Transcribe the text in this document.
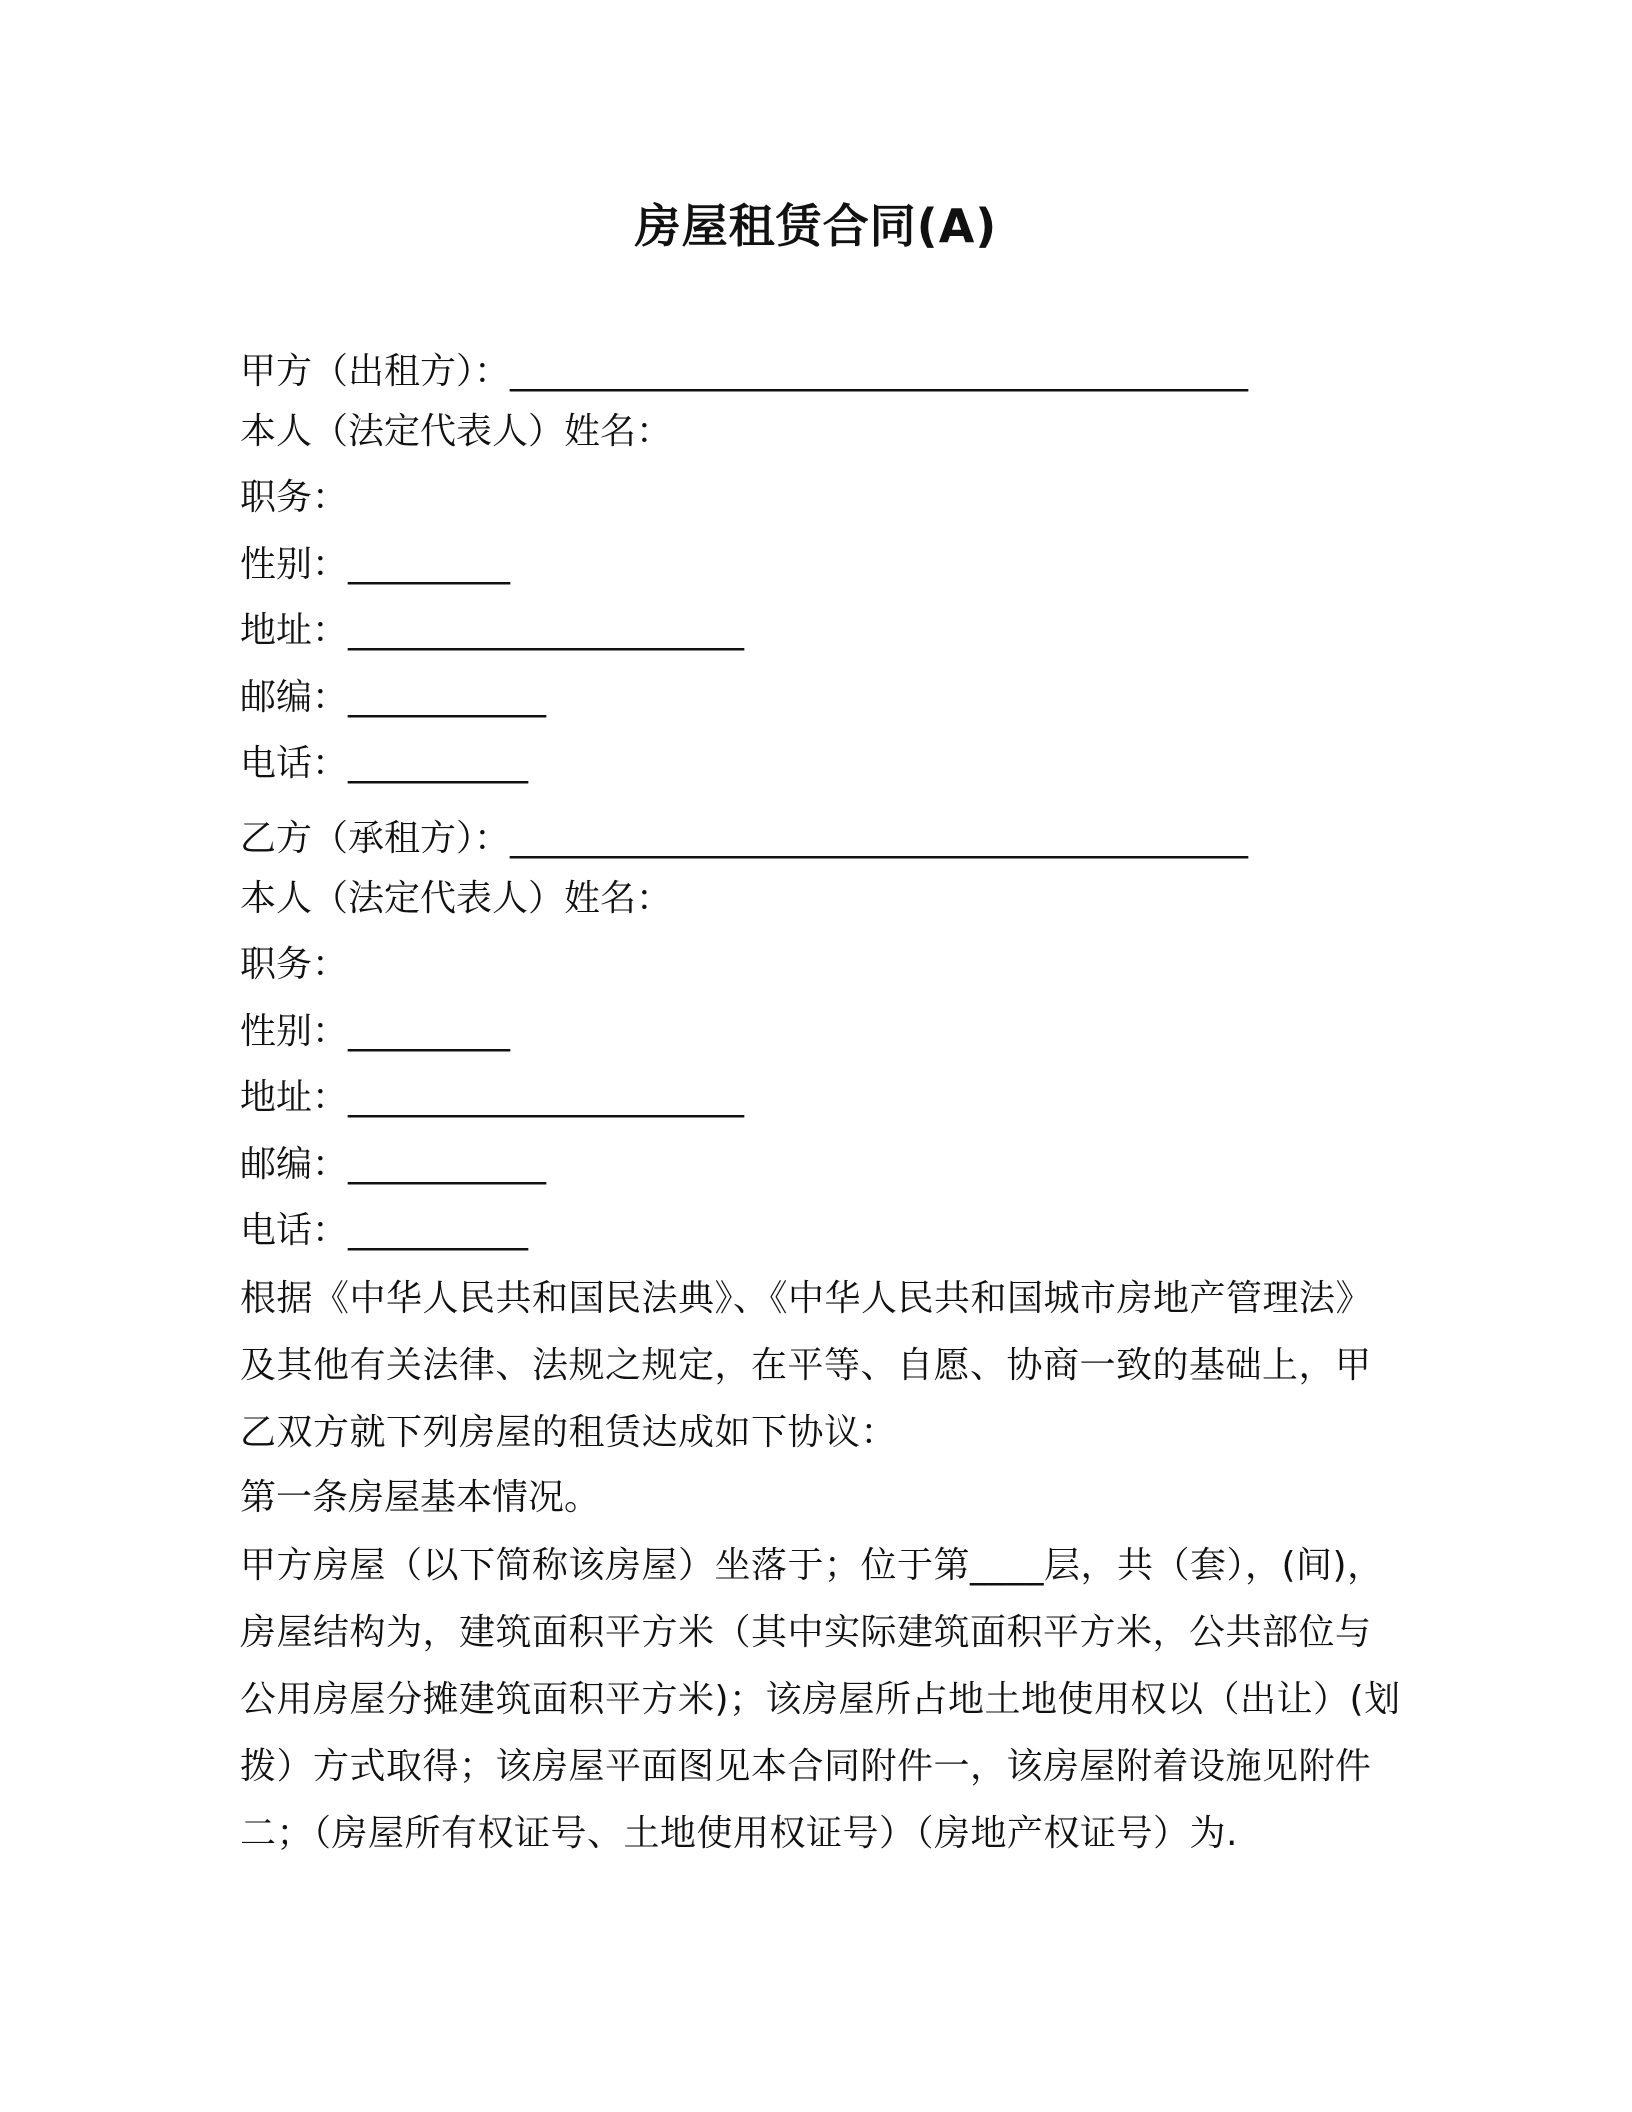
房屋租赁合同(A)
甲方（出租方）：_________________________________________
本人（法定代表人）姓名：
职务：
性别：_________
地址：______________________
邮编：___________
电话：__________
乙方（承租方）：_________________________________________
本人（法定代表人）姓名：
职务：
性别：_________
地址：______________________
邮编：___________
电话：__________
根据《中华人民共和国民法典》、《中华人民共和国城市房地产管理法》
及其他有关法律、法规之规定，在平等、自愿、协商一致的基础上，甲
乙双方就下列房屋的租赁达成如下协议：
第一条房屋基本情况。
甲方房屋（以下简称该房屋）坐落于；位于第____层，共（套），(间)，
房屋结构为，建筑面积平方米（其中实际建筑面积平方米，公共部位与
公用房屋分摊建筑面积平方米)；该房屋所占地土地使用权以（出让）(划
拨）方式取得；该房屋平面图见本合同附件一，该房屋附着设施见附件
二；（房屋所有权证号、土地使用权证号）（房地产权证号）为.
